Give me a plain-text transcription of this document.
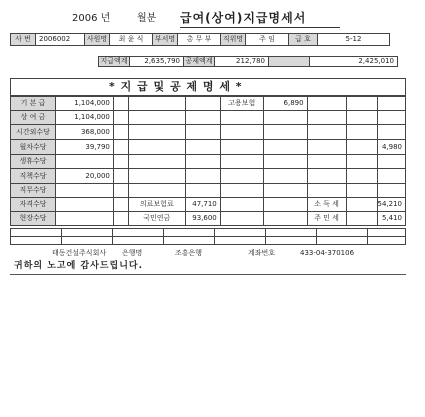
2006 년	월분 급여(상여)지급명세서
사 번	2006002	사원명	최 윤 식	부서명	총 무 부	직위명	주 임	급 호	5-12
지급액계	2,635,790	공제액계	212,780		2,425,010
* 지 급 및 공 제 명 세 *
기 본 급	1,104,000				고용보험	6,890			
상 여 금	1,104,000								
시간외수당	368,000								
월차수당	39,790								4,980
생휴수당									
직책수당	20,000								
직무수당									
자격수당			의료보험료	47,710			소 득 세		54,210
현장수당			국민연금	93,600			주 민 세		5,410

태동건설주식회사 은행명	조흥은행	계좌번호	433-04-370106
귀하의 노고에 감사드립니다.
